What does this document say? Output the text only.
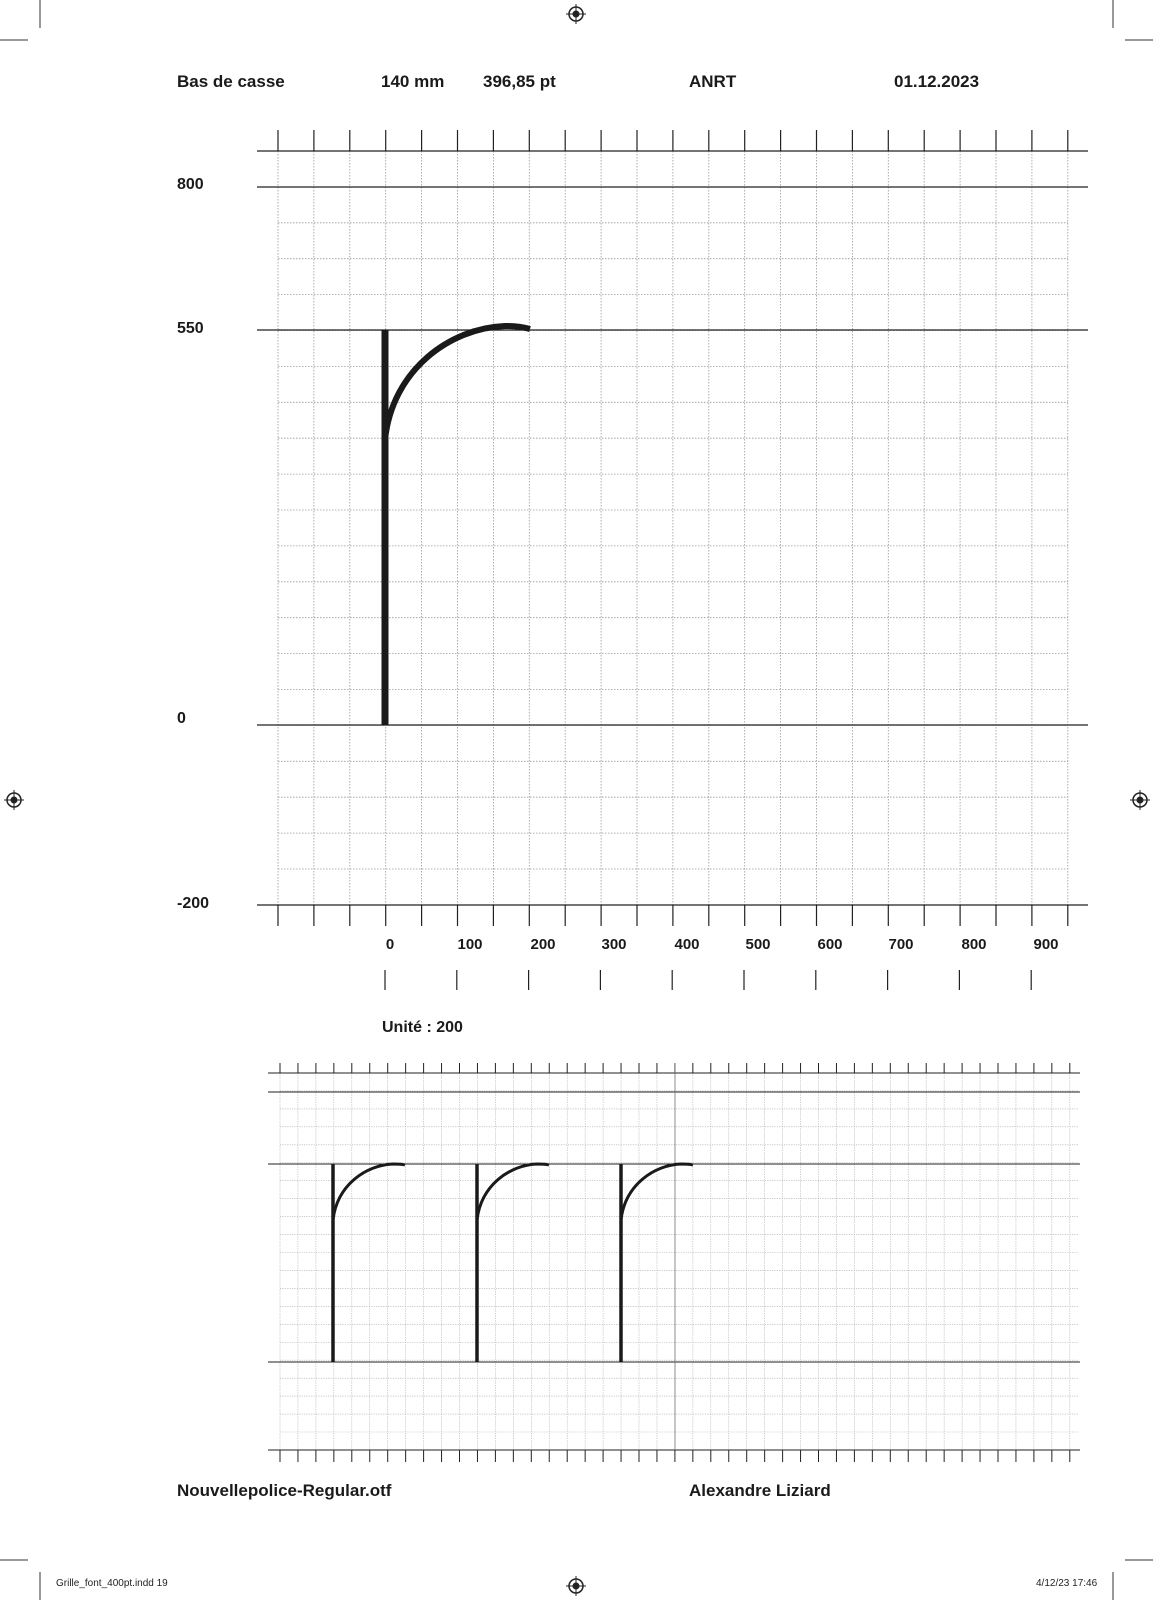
Bas de casse	140 mm 396,85 pt	ANRT	01.12.2023
800
550
0
-200
0	100	200	300	400	500	600	700	800	900
Unité : 200
Nouvellepolice-Regular.otf	Alexandre Liziard
Grille_font_400pt.indd 19	4/12/23 17:46
